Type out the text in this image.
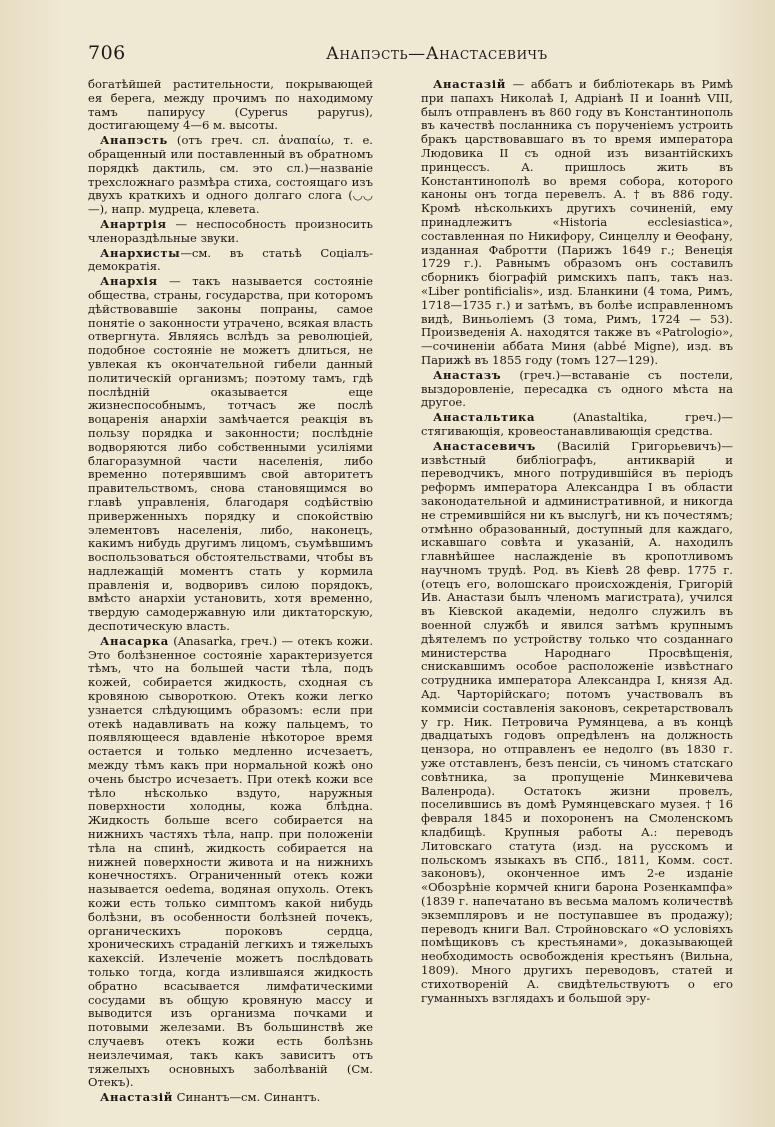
706	Анапэсть—Анастасевичъ

богатѣйшей растительности, покрывающей ея берега, между прочимъ по находимому тамъ папирусу (Cyperus papyrus), достигающему 4—6 м. высоты.

Анапэсть (отъ греч. сл. ἀναπαίω, т. е. обращенный или поставленный въ обратномъ порядкѣ дактиль, см. это сл.)—названіе трехсложнаго размѣра стиха, состоящаго изъ двухъ краткихъ и одного долгаго слога (◡◡—), напр. мудреца, клевета.

Анартрія — неспособность произносить членораздѣльные звуки.

Анархисты—см. въ статьѣ Соціалъ-демократія.

Анархія — такъ называется состояніе общества, страны, государства, при которомъ дѣйствовавшіе законы попраны, самое понятіе о законности утрачено, всякая власть отвергнута. Являясь вслѣдъ за революціей, подобное состояніе не можетъ длиться, не увлекая къ окончательной гибели данный политическій организмъ; поэтому тамъ, гдѣ послѣдній оказывается еще жизнеспособнымъ, тотчасъ же послѣ воцаренія анархіи замѣчается реакція въ пользу порядка и законности; послѣдніе водворяются либо собственными усиліями благоразумной части населенія, либо временно потерявшимъ свой авторитетъ правительствомъ, снова становящимся во главѣ управленія, благодаря содѣйствію приверженныхъ порядку и спокойствію элементовъ населенія, либо, наконецъ, какимъ нибудь другимъ лицомъ, съумѣвшимъ воспользоваться обстоятельствами, чтобы въ надлежащій моментъ стать у кормила правленія и, водворивъ силою порядокъ, вмѣсто анархіи установить, хотя временно, твердую самодержавную или диктаторскую, деспотическую власть.

Анасарка (Anasarka, греч.) — отекъ кожи. Это болѣзненное состояніе характеризуется тѣмъ, что на большей части тѣла, подъ кожей, собирается жидкость, сходная съ кровяною сывороткою. Отекъ кожи легко узнается слѣдующимъ образомъ: если при отекѣ надавливать на кожу пальцемъ, то появляющееся вдавленіе нѣкоторое время остается и только медленно исчезаетъ, между тѣмъ какъ при нормальной кожѣ оно очень быстро исчезаетъ. При отекѣ кожи все тѣло нѣсколько вздуто, наружныя поверхности холодны, кожа блѣдна. Жидкость больше всего собирается на нижнихъ частяхъ тѣла, напр. при положеніи тѣла на спинѣ, жидкость собирается на нижней поверхности живота и на нижнихъ конечностяхъ. Ограниченный отекъ кожи называется oedema, водяная опухоль. Отекъ кожи есть только симптомъ какой нибудь болѣзни, въ особенности болѣзней почекъ, органическихъ пороковъ сердца, хроническихъ страданій легкихъ и тяжелыхъ кахексій. Излеченіе можетъ послѣдовать только тогда, когда излившаяся жидкость обратно всасывается лимфатическими сосудами въ общую кровяную массу и выводится изъ организма почками и потовыми железами. Въ большинствѣ же случаевъ отекъ кожи есть болѣзнь неизлечимая, такъ какъ зависитъ отъ тяжелыхъ основныхъ заболѣваній (См. Отекъ).

Анастазій Синантъ—см. Синантъ.

Анастазій — аббатъ и библіотекарь въ Римѣ при папахъ Николаѣ I, Адріанѣ II и Іоаннѣ VIII, былъ отправленъ въ 860 году въ Константинополь въ качествѣ посланника съ порученіемъ устроить бракъ царствовавшаго въ то время императора Людовика II съ одной изъ византійскихъ принцессъ. А. пришлось жить въ Константинополѣ во время собора, которого каноны онъ тогда перевелъ. А. † въ 886 году. Кромѣ нѣсколькихъ другихъ сочиненій, ему принадлежитъ «Historia ecclesiastica», составленная по Никифору, Синцеллу и Ѳеофану, изданная Фабротти (Парижъ 1649 г.; Венеція 1729 г.). Равнымъ образомъ онъ составилъ сборникъ біографій римскихъ папъ, такъ наз. «Liber pontificialis», изд. Бланкини (4 тома, Римъ, 1718—1735 г.) и затѣмъ, въ болѣе исправленномъ видѣ, Виньоліемъ (3 тома, Римъ, 1724 — 53). Произведенія А. находятся также въ «Patrologio»,—сочиненіи аббата Миня (abbé Migne), изд. въ Парижѣ въ 1855 году (томъ 127—129).

Анастазъ (греч.)—вставаніе съ постели, выздоровленіе, пересадка съ одного мѣста на другое.

Анастальтика (Anastaltika, греч.)—стягивающія, кровеостанавливающія средства.

Анастасевичъ (Василій Григорьевичъ)—извѣстный библіографъ, антикварій и переводчикъ, много потрудившійся въ періодъ реформъ императора Александра I въ области законодательной и административной, и никогда не стремившійся ни къ выслугѣ, ни къ почестямъ; отмѣнно образованный, доступный для каждаго, искавшаго совѣта и указаній, А. находилъ главнѣйшее наслажденіе въ кропотливомъ научномъ трудѣ. Род. въ Кіевѣ 28 февр. 1775 г. (отецъ его, волошскаго происхожденія, Григорій Ив. Анастази былъ членомъ магистрата), учился въ Кіевской академіи, недолго служилъ въ военной службѣ и явился затѣмъ крупнымъ дѣятелемъ по устройству только что созданнаго министерства Народнаго Просвѣщенія, снискавшимъ особое расположеніе извѣстнаго сотрудника императора Александра I, князя Ад. Ад. Чарторійскаго; потомъ участвовалъ въ коммисіи составленія законовъ, секретарствовалъ у гр. Ник. Петровича Румянцева, а въ концѣ двадцатыхъ годовъ опредѣленъ на должность цензора, но отправленъ ее недолго (въ 1830 г. уже отставленъ, безъ пенсіи, съ чиномъ статскаго совѣтника, за пропущеніе Минкевичева Валенрода). Остатокъ жизни провелъ, поселившись въ домѣ Румянцевскаго музея. † 16 февраля 1845 и похороненъ на Смоленскомъ кладбищѣ. Крупныя работы А.: переводъ Литовскаго статута (изд. на русскомъ и польскомъ языкахъ въ СПб., 1811, Комм. сост. законовъ), оконченное имъ 2-е изданіе «Обозрѣніе кормчей книги барона Розенкампфа» (1839 г. напечатано въ весьма маломъ количествѣ экземпляровъ и не поступавшее въ продажу); переводъ книги Вал. Стройновскаго «О условіяхъ помѣщиковъ съ крестьянами», доказывающей необходимость освобожденія крестьянъ (Вильна, 1809). Много другихъ переводовъ, статей и стихотвореній А. свидѣтельствуютъ о его гуманныхъ взглядахъ и большой эру-
